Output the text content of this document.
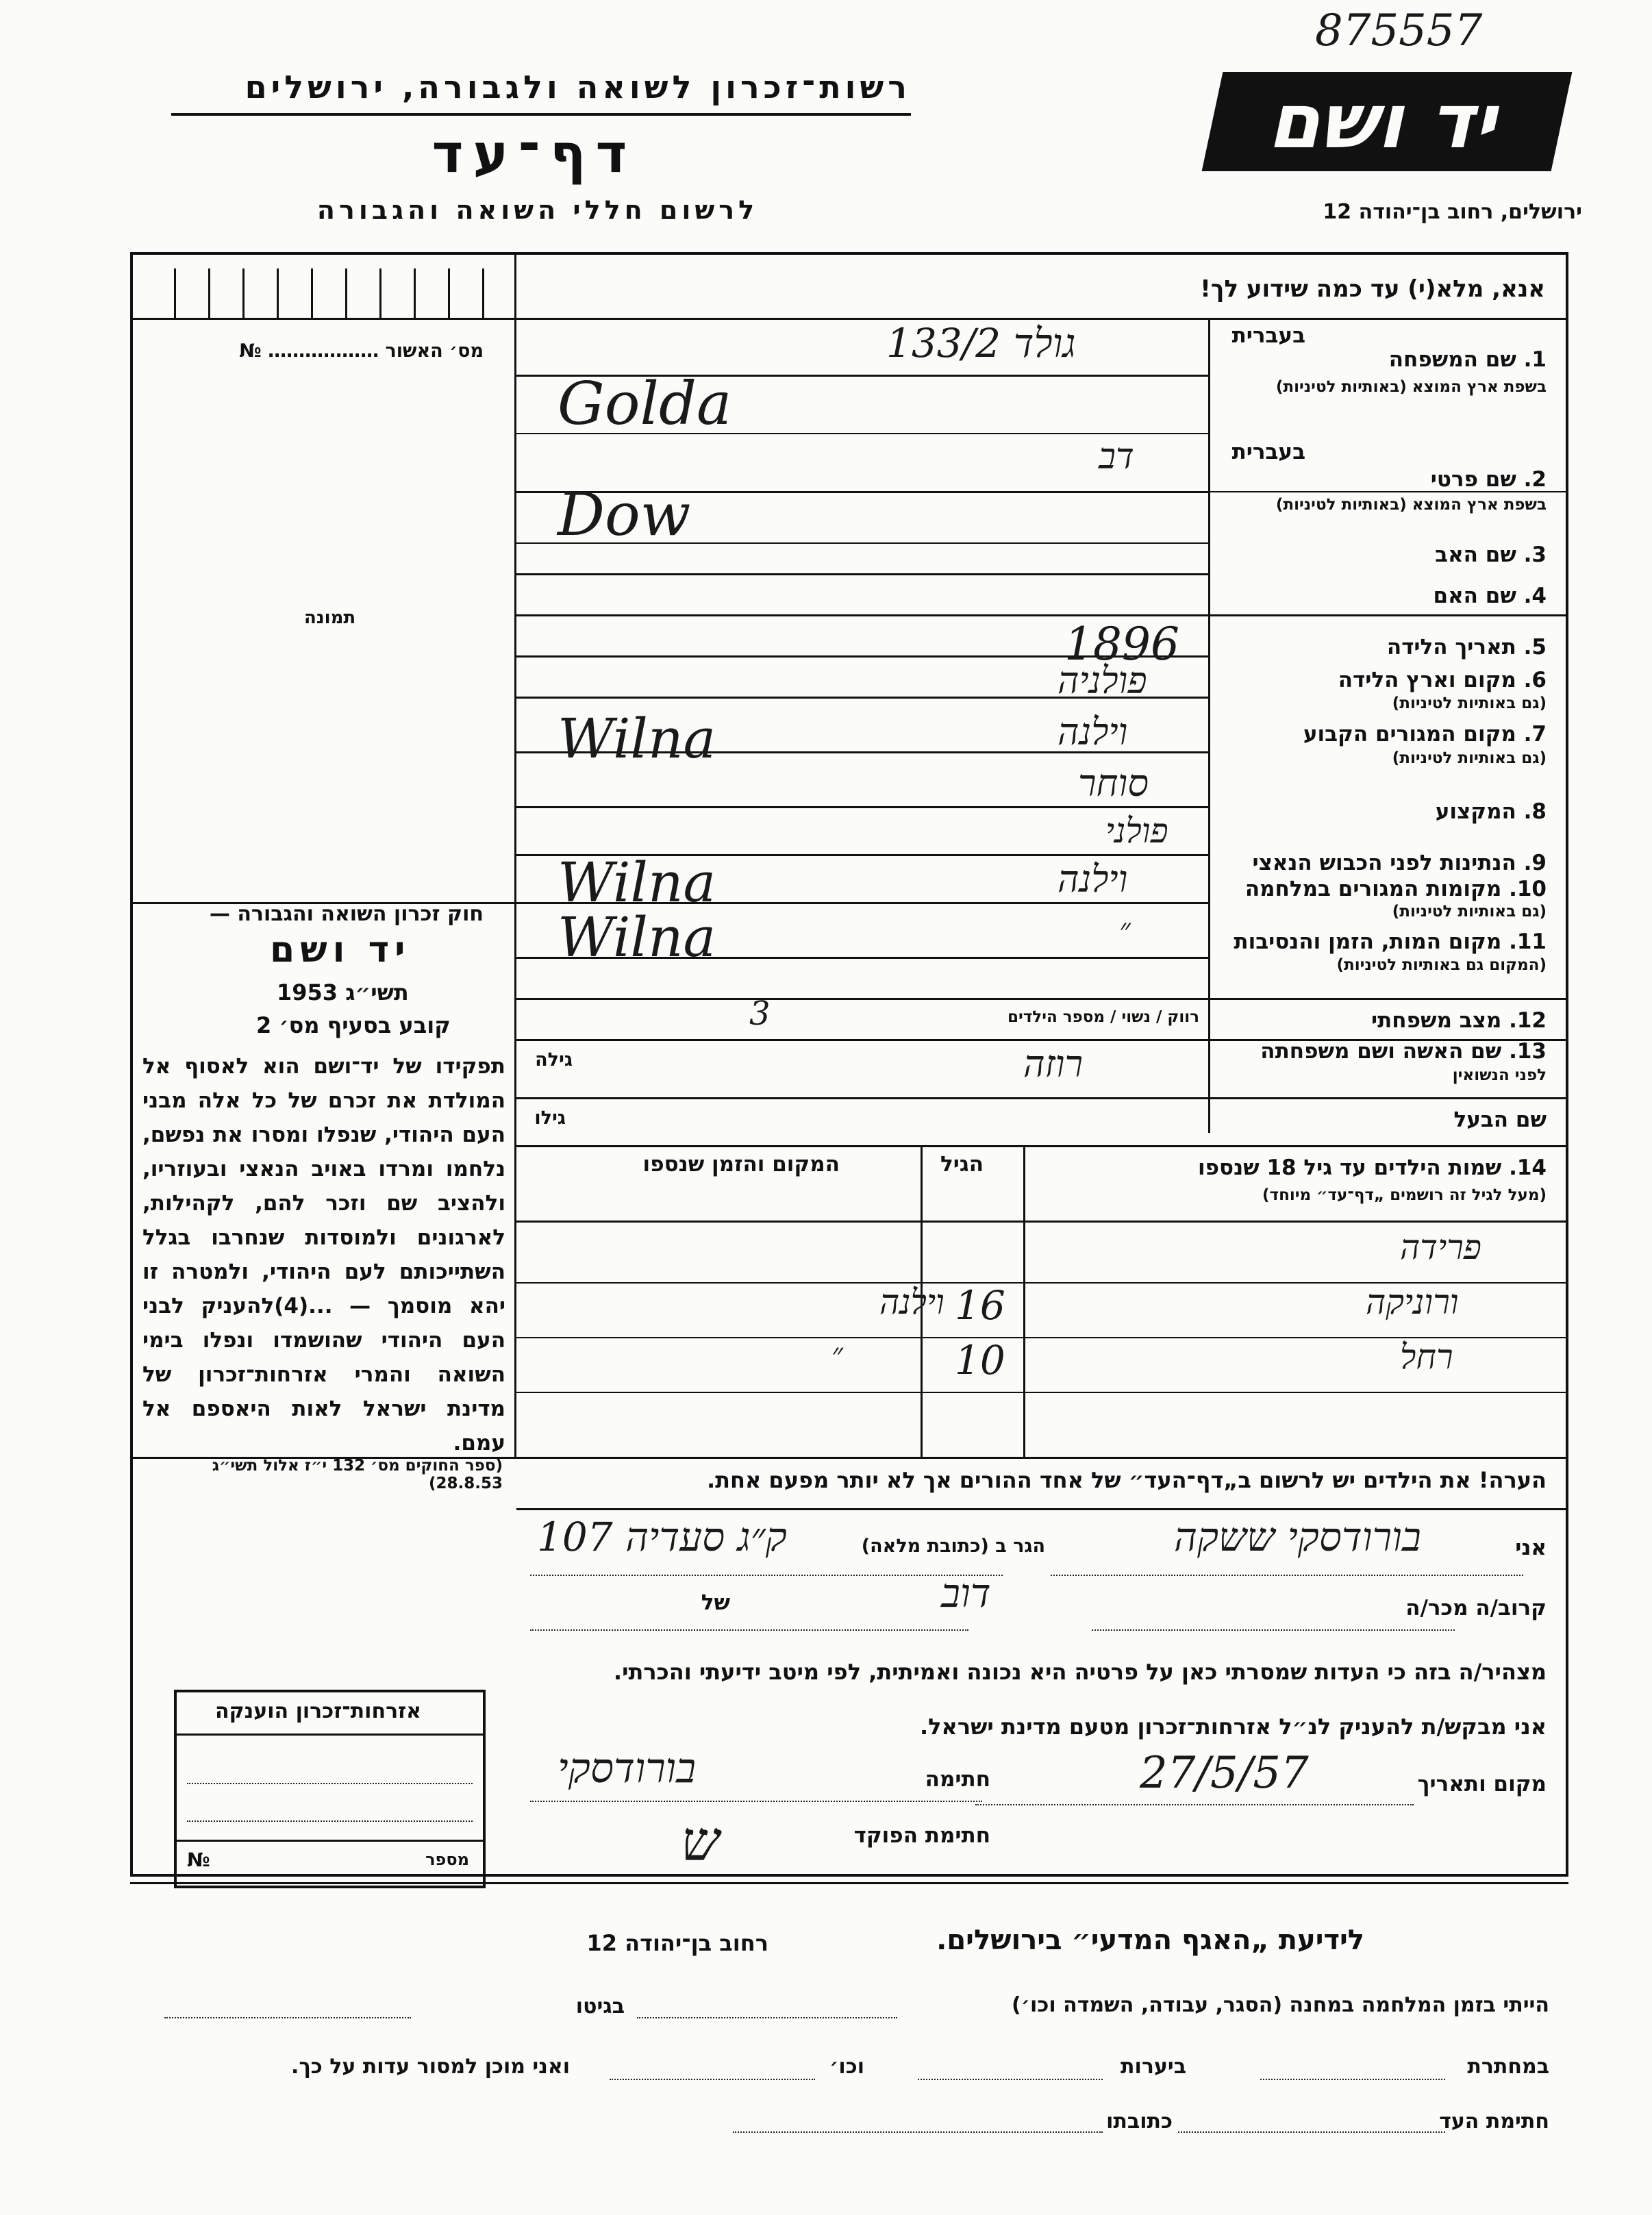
875557
יד ושם
ירושלים, רחוב בן־יהודה 12
רשות־זכרון לשואה ולגבורה, ירושלים
דף־עד
לרשום חללי השואה והגבורה
אנא, מלא(י) עד כמה שידוע לך!
1. שם המשפחה
בשפת ארץ המוצא (באותיות לטיניות)
בעברית
בעברית
2. שם פרטי
בשפת ארץ המוצא (באותיות לטיניות)
3. שם האב
4. שם האם
5. תאריך הלידה
6. מקום וארץ הלידה
(גם באותיות לטיניות)
7. מקום המגורים הקבוע
(גם באותיות לטיניות)
8. המקצוע
9. הנתינות לפני הכבוש הנאצי
10. מקומות המגורים במלחמה
(גם באותיות לטיניות)
11. מקום המות, הזמן והנסיבות
(המקום גם באותיות לטיניות)
12. מצב משפחתי
רווק / נשוי / מספר הילדים
13. שם האשה ושם משפחתה
לפני הנשואין
גילה
שם הבעל
גילו
133/2 גולד
Golda
דב
Dow
1896
פולניה
וילנה
Wilna
סוחר
פולני
וילנה
Wilna
״
Wilna
3
רוזה
14. שמות הילדים עד גיל 18 שנספו
(מעל לגיל זה רושמים „דף־עד״ מיוחד)
הגיל
המקום והזמן שנספו
פרידה
ורוניקה
16
וילנה
רחל
10
״
הערה! את הילדים יש לרשום ב„דף־העד״ של אחד ההורים אך לא יותר מפעם אחת.
מס׳ האשור ……………… №
תמונה
חוק זכרון השואה והגבורה —
יד ושם
תשי״ג 1953
קובע בסעיף מס׳ 2
תפקידו של יד־ושם הוא לאסוף אל המולדת את זכרם של כל אלה מבני העם היהודי, שנפלו ומסרו את נפשם, נלחמו ומרדו באויב הנאצי ובעוזריו, ולהציב שם וזכר להם, לקהילות, לארגונים ולמוסדות שנחרבו בגלל השתייכותם לעם היהודי, ולמטרה זו יהא מוסמך — ...(4)להעניק לבני העם היהודי שהושמדו ונפלו בימי השואה והמרי אזרחות־זכרון של מדינת ישראל לאות היאספם אל עמם.
(ספר החוקים מס׳ 132 י״ז אלול תשי״ג 28.8.53)
אזרחות־זכרון הוענקה
מספר
№
אני
בורודסקי ששקה
הגר ב (כתובת מלאה)
ק״ג סעדיה 107
קרוב/ה מכר/ה
של	דוב
מצהיר/ה בזה כי העדות שמסרתי כאן על פרטיה היא נכונה ואמיתית, לפי מיטב ידיעתי והכרתי.
אני מבקש/ת להעניק לנ״ל אזרחות־זכרון מטעם מדינת ישראל.
מקום ותאריך
27/5/57
חתימה
בורודסקי
חתימת הפוקד
ש
לידיעת „האגף המדעי״ בירושלים.
רחוב בן־יהודה 12
הייתי בזמן המלחמה במחנה (הסגר, עבודה, השמדה וכו׳)
בגיטו
במחתרת
ביערות
וכו׳
ואני מוכן למסור עדות על כך.
חתימת העד
כתובתו
